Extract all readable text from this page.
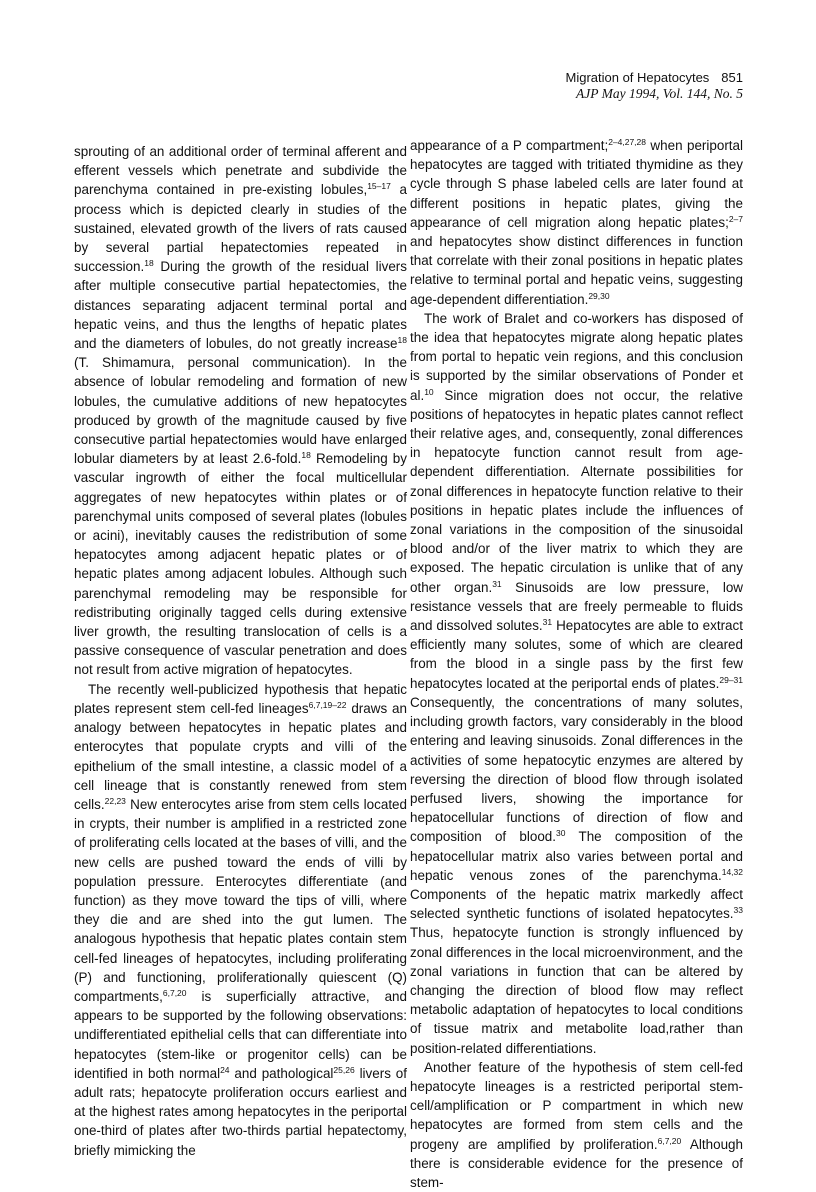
Migration of Hepatocytes 851
AJP May 1994, Vol. 144, No. 5

sprouting of an additional order of terminal afferent and efferent vessels which penetrate and subdivide the parenchyma contained in pre-existing lobules,$^{15-17}$ a process which is depicted clearly in studies of the sustained, elevated growth of the livers of rats caused by several partial hepatectomies repeated in succession.$^{18}$ During the growth of the residual livers after multiple consecutive partial hepatectomies, the distances separating adjacent terminal portal and hepatic veins, and thus the lengths of hepatic plates and the diameters of lobules, do not greatly increase$^{18}$ (T. Shimamura, personal communication). In the absence of lobular remodeling and formation of new lobules, the cumulative additions of new hepatocytes produced by growth of the magnitude caused by five consecutive partial hepatectomies would have enlarged lobular diameters by at least 2.6-fold.$^{18}$ Remodeling by vascular ingrowth of either the focal multicellular aggregates of new hepatocytes within plates or of parenchymal units composed of several plates (lobules or acini), inevitably causes the redistribution of some hepatocytes among adjacent hepatic plates or of hepatic plates among adjacent lobules. Although such parenchymal remodeling may be responsible for redistributing originally tagged cells during extensive liver growth, the resulting translocation of cells is a passive consequence of vascular penetration and does not result from active migration of hepatocytes.

The recently well-publicized hypothesis that hepatic plates represent stem cell-fed lineages$^{6,7,19-22}$ draws an analogy between hepatocytes in hepatic plates and enterocytes that populate crypts and villi of the epithelium of the small intestine, a classic model of a cell lineage that is constantly renewed from stem cells.$^{22,23}$ New enterocytes arise from stem cells located in crypts, their number is amplified in a restricted zone of proliferating cells located at the bases of villi, and the new cells are pushed toward the ends of villi by population pressure. Enterocytes differentiate (and function) as they move toward the tips of villi, where they die and are shed into the gut lumen. The analogous hypothesis that hepatic plates contain stem cell-fed lineages of hepatocytes, including proliferating (P) and functioning, proliferationally quiescent (Q) compartments,$^{6,7,20}$ is superficially attractive, and appears to be supported by the following observations: undifferentiated epithelial cells that can differentiate into hepatocytes (stem-like or progenitor cells) can be identified in both normal$^{24}$ and pathological$^{25,26}$ livers of adult rats; hepatocyte proliferation occurs earliest and at the highest rates among hepatocytes in the periportal one-third of plates after two-thirds partial hepatectomy, briefly mimicking the

appearance of a P compartment;$^{2-4,27,28}$ when periportal hepatocytes are tagged with tritiated thymidine as they cycle through S phase labeled cells are later found at different positions in hepatic plates, giving the appearance of cell migration along hepatic plates;$^{2-7}$ and hepatocytes show distinct differences in function that correlate with their zonal positions in hepatic plates relative to terminal portal and hepatic veins, suggesting age-dependent differentiation.$^{29,30}$

The work of Bralet and co-workers has disposed of the idea that hepatocytes migrate along hepatic plates from portal to hepatic vein regions, and this conclusion is supported by the similar observations of Ponder et al.$^{10}$ Since migration does not occur, the relative positions of hepatocytes in hepatic plates cannot reflect their relative ages, and, consequently, zonal differences in hepatocyte function cannot result from age-dependent differentiation. Alternate possibilities for zonal differences in hepatocyte function relative to their positions in hepatic plates include the influences of zonal variations in the composition of the sinusoidal blood and/or of the liver matrix to which they are exposed. The hepatic circulation is unlike that of any other organ.$^{31}$ Sinusoids are low pressure, low resistance vessels that are freely permeable to fluids and dissolved solutes.$^{31}$ Hepatocytes are able to extract efficiently many solutes, some of which are cleared from the blood in a single pass by the first few hepatocytes located at the periportal ends of plates.$^{29-31}$ Consequently, the concentrations of many solutes, including growth factors, vary considerably in the blood entering and leaving sinusoids. Zonal differences in the activities of some hepatocytic enzymes are altered by reversing the direction of blood flow through isolated perfused livers, showing the importance for hepatocellular functions of direction of flow and composition of blood.$^{30}$ The composition of the hepatocellular matrix also varies between portal and hepatic venous zones of the parenchyma.$^{14,32}$ Components of the hepatic matrix markedly affect selected synthetic functions of isolated hepatocytes.$^{33}$ Thus, hepatocyte function is strongly influenced by zonal differences in the local microenvironment, and the zonal variations in function that can be altered by changing the direction of blood flow may reflect metabolic adaptation of hepatocytes to local conditions of tissue matrix and metabolite load,rather than position-related differentiations.

Another feature of the hypothesis of stem cell-fed hepatocyte lineages is a restricted periportal stem-cell/amplification or P compartment in which new hepatocytes are formed from stem cells and the progeny are amplified by proliferation.$^{6,7,20}$ Although there is considerable evidence for the presence of stem-
